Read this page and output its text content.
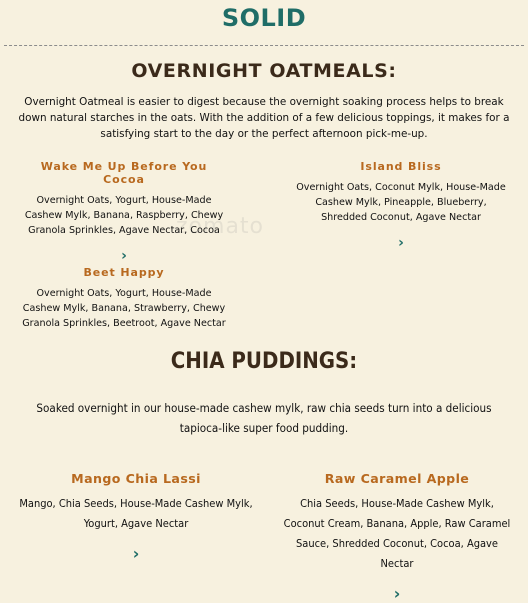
SOLID
zomato
OVERNIGHT OATMEALS:
Overnight Oatmeal is easier to digest because the overnight soaking process helps to break down natural starches in the oats. With the addition of a few delicious toppings, it makes for a satisfying start to the day or the perfect afternoon pick-me-up.
Wake Me Up Before You Cocoa
Overnight Oats, Yogurt, House-Made Cashew Mylk, Banana, Raspberry, Chewy Granola Sprinkles, Agave Nectar, Cocoa
›
Island Bliss
Overnight Oats, Coconut Mylk, House-Made Cashew Mylk, Pineapple, Blueberry, Shredded Coconut, Agave Nectar
›
Beet Happy
Overnight Oats, Yogurt, House-Made Cashew Mylk, Banana, Strawberry, Chewy Granola Sprinkles, Beetroot, Agave Nectar
CHIA PUDDINGS:
Soaked overnight in our house-made cashew mylk, raw chia seeds turn into a delicious tapioca-like super food pudding.
Mango Chia Lassi
Mango, Chia Seeds, House-Made Cashew Mylk, Yogurt, Agave Nectar
›
Raw Caramel Apple
Chia Seeds, House-Made Cashew Mylk, Coconut Cream, Banana, Apple, Raw Caramel Sauce, Shredded Coconut, Cocoa, Agave Nectar
›
